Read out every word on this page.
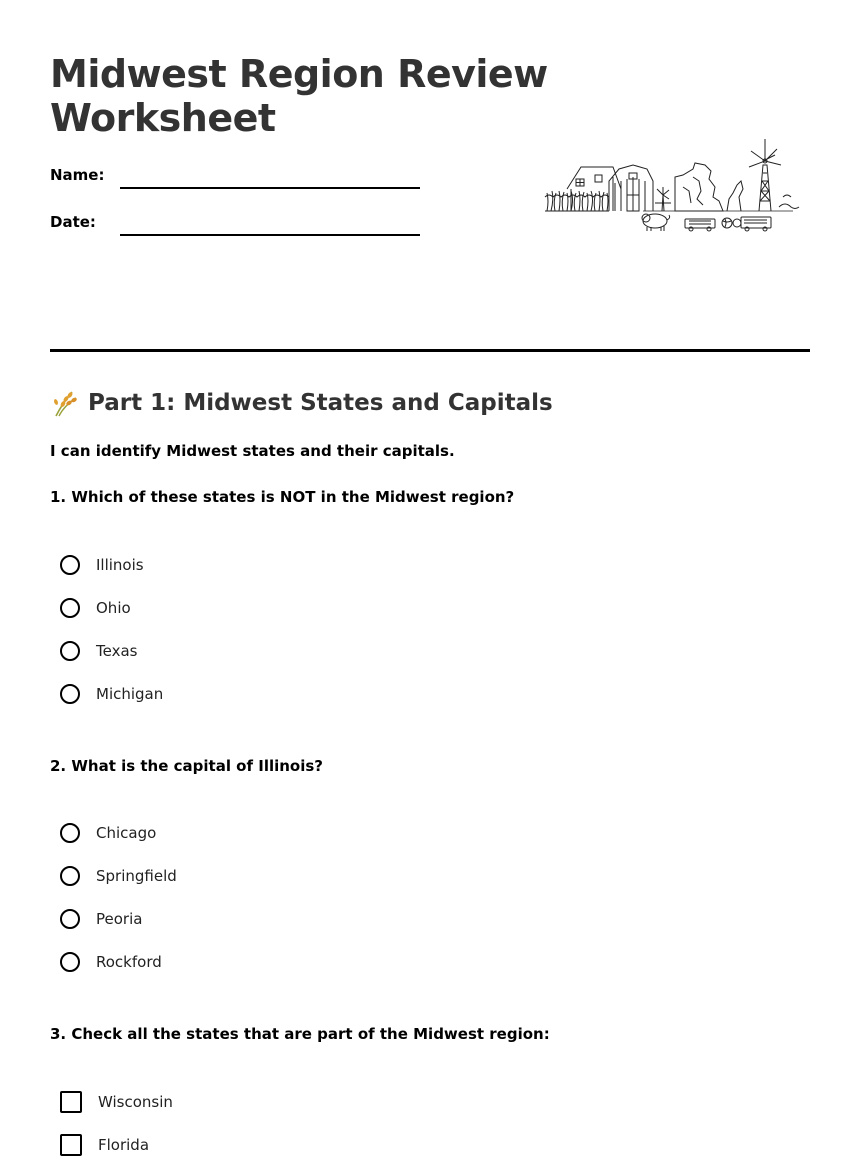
Midwest Region Review Worksheet
Name:
Date:
Part 1: Midwest States and Capitals
I can identify Midwest states and their capitals.
1. Which of these states is NOT in the Midwest region?
Illinois
Ohio
Texas
Michigan
2. What is the capital of Illinois?
Chicago
Springfield
Peoria
Rockford
3. Check all the states that are part of the Midwest region:
Wisconsin
Florida
